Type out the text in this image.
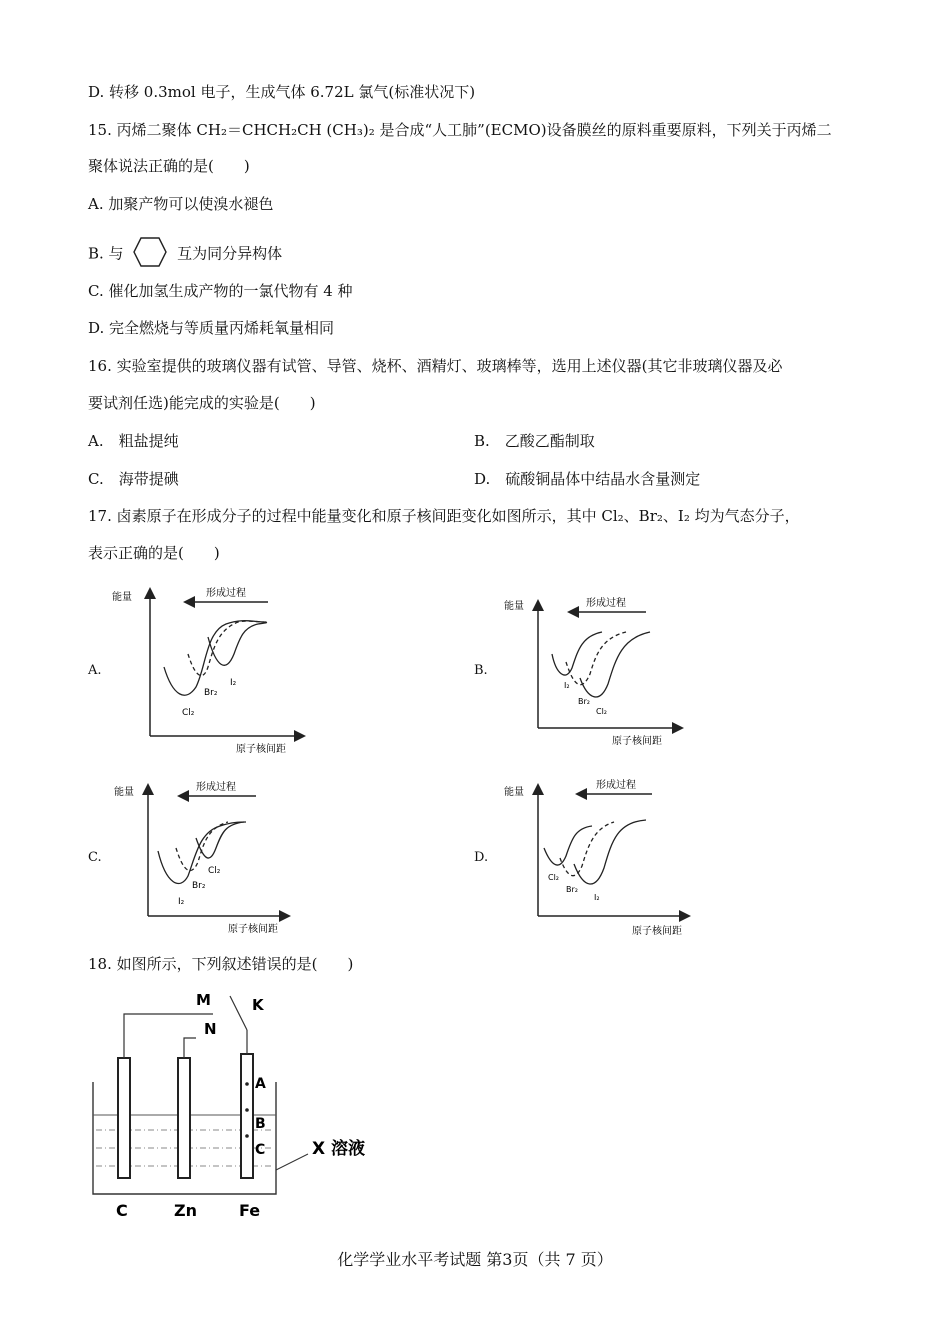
D. 转移 0.3mol 电子，生成气体 6.72L 氯气(标准状况下)
15. 丙烯二聚体 CH₂＝CHCH₂CH (CH₃)₂ 是合成“人工肺”(ECMO)设备膜丝的原料重要原料，下列关于丙烯二
聚体说法正确的是(　　)
A. 加聚产物可以使溴水褪色
B. 与	互为同分异构体
C. 催化加氢生成产物的一氯代物有 4 种
D. 完全燃烧与等质量丙烯耗氧量相同
16. 实验室提供的玻璃仪器有试管、导管、烧杯、酒精灯、玻璃棒等，选用上述仪器(其它非玻璃仪器及必
要试剂任选)能完成的实验是(　　)
A.　粗盐提纯	B.　乙酸乙酯制取
C.　海带提碘	D.　硫酸铜晶体中结晶水含量测定
17. 卤素原子在形成分子的过程中能量变化和原子核间距变化如图所示，其中 Cl₂、Br₂、I₂ 均为气态分子，
表示正确的是(　　)
A.	B.
C.	D.
能量	形成过程
Cl₂
Br₂
I₂
原子核间距
能量	形成过程
I₂
Br₂
Cl₂
原子核间距
能量	形成过程
I₂
Br₂
Cl₂
原子核间距
能量
形成过程
Cl₂
Br₂
I₂
原子核间距
18. 如图所示，下列叙述错误的是(　　)
M	K
N
A
B
C	X 溶液
C	Zn	Fe
化学学业水平考试题 第3页（共 7 页）
